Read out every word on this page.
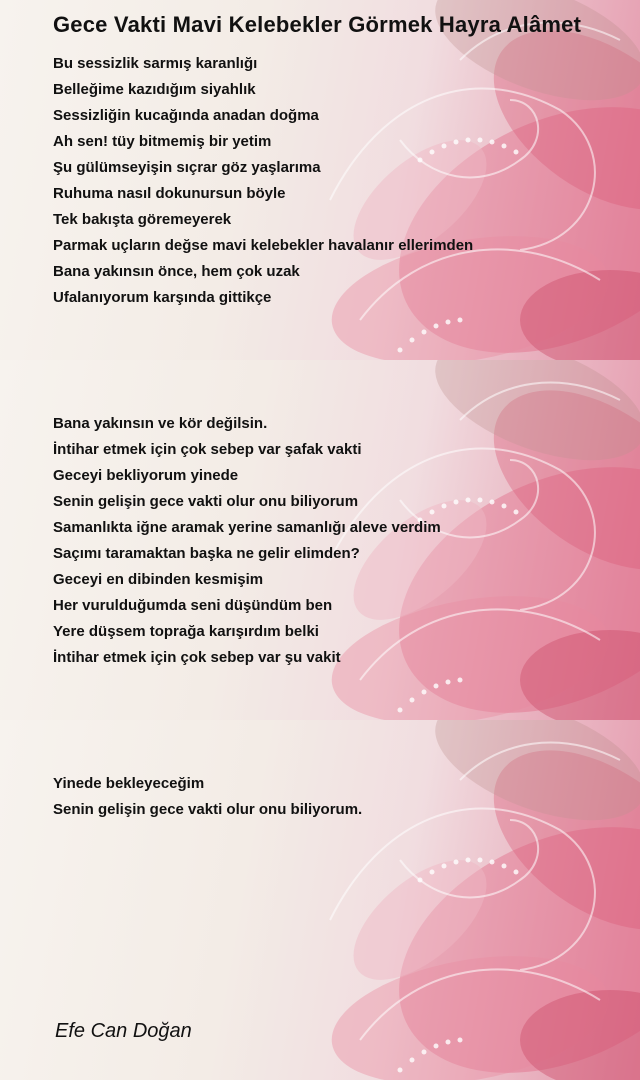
Gece Vakti Mavi Kelebekler Görmek Hayra Alâmet
Bu sessizlik sarmış karanlığı
Belleğime kazıdığım siyahlık
Sessizliğin kucağında anadan doğma
Ah sen! tüy bitmemiş bir yetim
Şu gülümseyişin sıçrar göz yaşlarıma
Ruhuma nasıl dokunursun böyle
Tek bakışta göremeyerek
Parmak uçların değse mavi kelebekler havalanır ellerimden
Bana yakınsın önce, hem çok uzak
Ufalanıyorum karşında gittikçe
Bana yakınsın ve kör değilsin.
İntihar etmek için çok sebep var şafak vakti
Geceyi bekliyorum yinede
Senin gelişin gece vakti olur onu biliyorum
Samanlıkta iğne aramak yerine samanlığı aleve verdim
Saçımı taramaktan başka ne gelir elimden?
Geceyi en dibinden kesmişim
Her vurulduğumda seni düşündüm ben
Yere düşsem toprağa karışırdım belki
İntihar etmek için çok sebep var şu vakit
Yinede bekleyeceğim
Senin gelişin gece vakti olur onu biliyorum.
Efe Can Doğan
